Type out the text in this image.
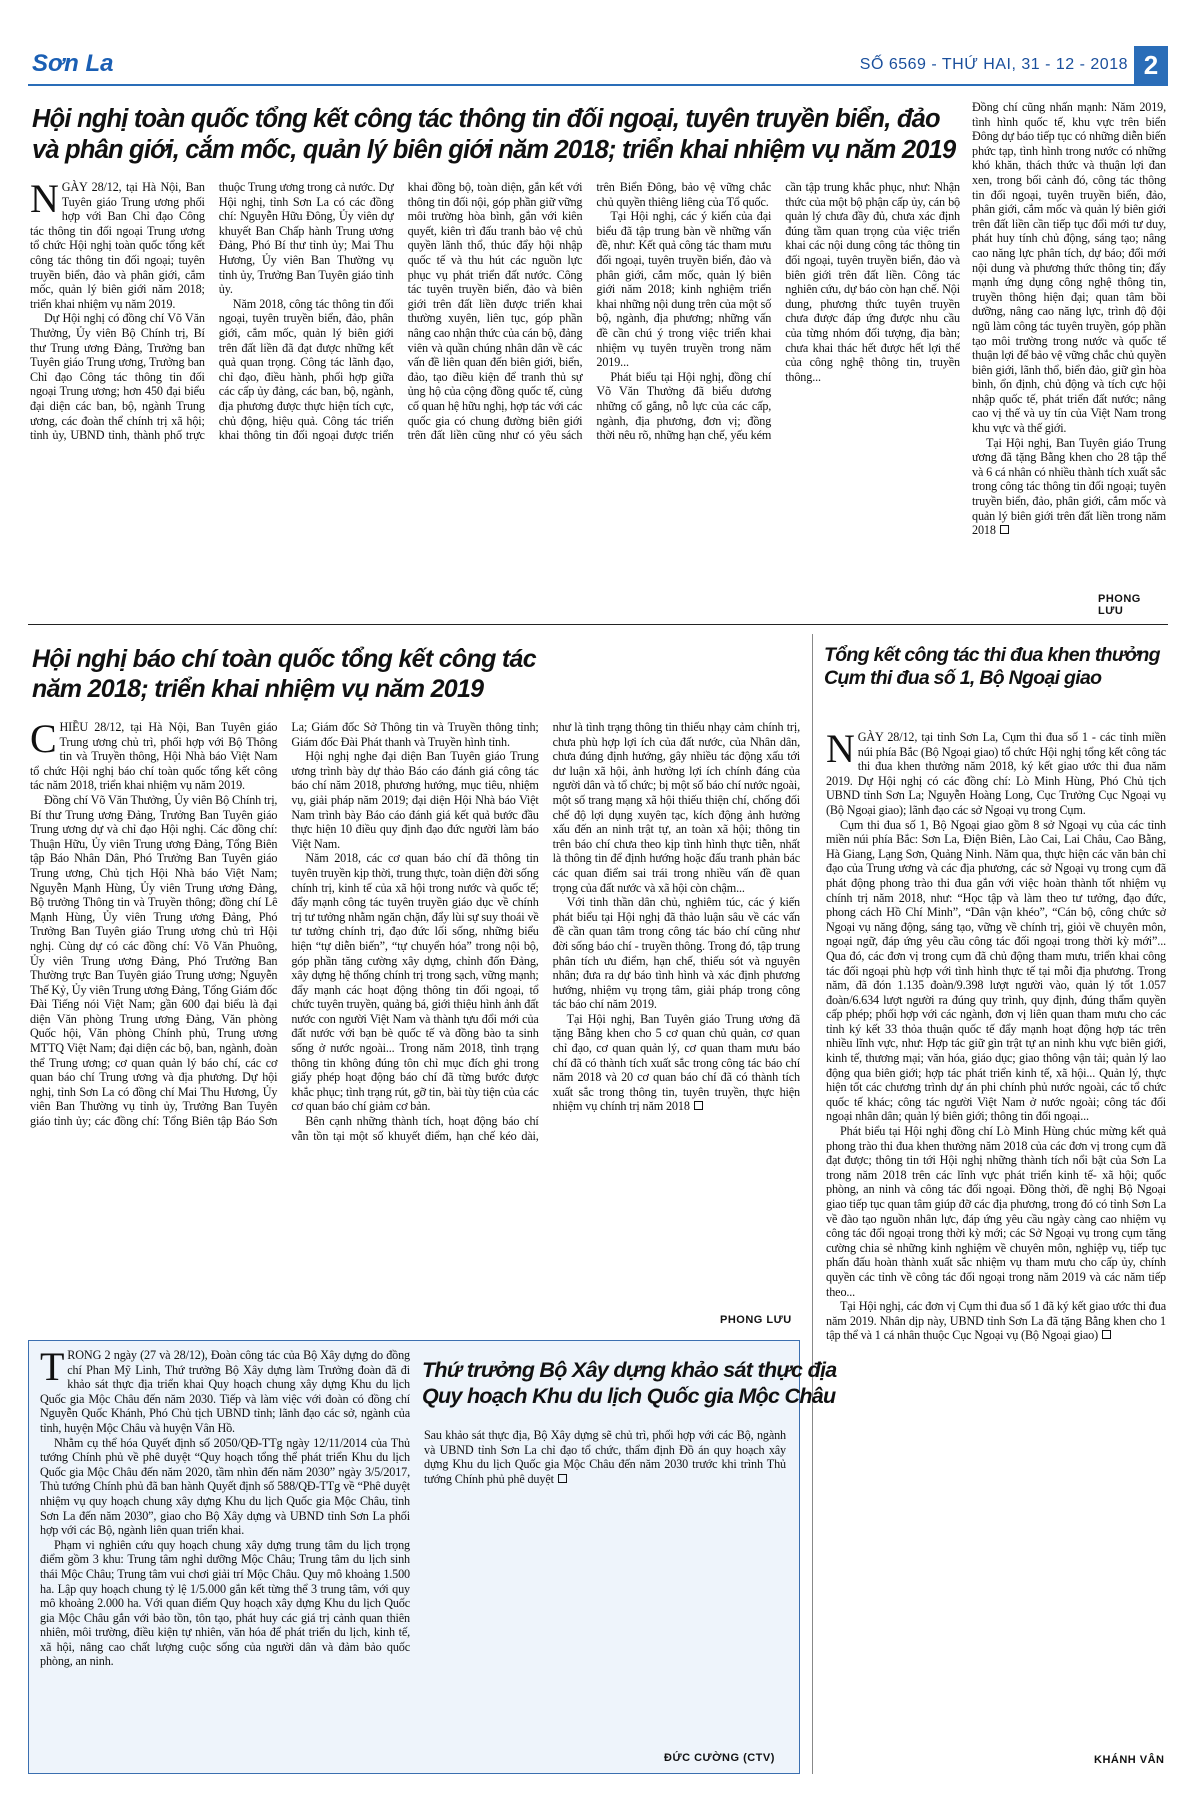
Sơn La	SỐ 6569 - THỨ HAI, 31 - 12 - 2018 2
Hội nghị toàn quốc tổng kết công tác thông tin đối ngoại, tuyên truyền biển, đảo và phân giới, cắm mốc, quản lý biên giới năm 2018; triển khai nhiệm vụ năm 2019

NGÀY 28/12, tại Hà Nội, Ban Tuyên giáo Trung ương phối hợp với Ban Chỉ đạo Công tác thông tin đối ngoại Trung ương tổ chức Hội nghị toàn quốc tổng kết công tác thông tin đối ngoại; tuyên truyền biển, đảo và phân giới, cắm mốc, quản lý biên giới năm 2018; triển khai nhiệm vụ năm 2019.

Dự Hội nghị có đồng chí Võ Văn Thưởng, Ủy viên Bộ Chính trị, Bí thư Trung ương Đảng, Trưởng ban Tuyên giáo Trung ương, Trưởng ban Chỉ đạo Công tác thông tin đối ngoại Trung ương; hơn 450 đại biểu đại diện các ban, bộ, ngành Trung ương, các đoàn thể chính trị xã hội; tỉnh ủy, UBND tỉnh, thành phố trực thuộc Trung ương trong cả nước. Dự Hội nghị, tỉnh Sơn La có các đồng chí: Nguyễn Hữu Đông, Ủy viên dự khuyết Ban Chấp hành Trung ương Đảng, Phó Bí thư tỉnh ủy; Mai Thu Hương, Ủy viên Ban Thường vụ tỉnh ủy, Trưởng Ban Tuyên giáo tỉnh ủy.

Năm 2018, công tác thông tin đối ngoại, tuyên truyền biển, đảo, phân giới, cắm mốc, quản lý biên giới trên đất liền đã đạt được những kết quả quan trọng. Công tác lãnh đạo, chỉ đạo, điều hành, phối hợp giữa các cấp ủy đảng, các ban, bộ, ngành, địa phương được thực hiện tích cực, chủ động, hiệu quả. Công tác triển khai thông tin đối ngoại được triển khai đồng bộ, toàn diện, gắn kết với thông tin đối nội, góp phần giữ vững môi trường hòa bình, gắn với kiên quyết, kiên trì đấu tranh bảo vệ chủ quyền lãnh thổ, thúc đẩy hội nhập quốc tế và thu hút các nguồn lực phục vụ phát triển đất nước. Công tác tuyên truyền biển, đảo và biên giới trên đất liền được triển khai thường xuyên, liên tục, góp phần nâng cao nhận thức của cán bộ, đảng viên và quần chúng nhân dân về các vấn đề liên quan đến biên giới, biển, đảo, tạo điều kiện để tranh thủ sự ủng hộ của cộng đồng quốc tế, củng cố quan hệ hữu nghị, hợp tác với các quốc gia có chung đường biên giới trên đất liền cũng như có yêu sách trên Biển Đông, bảo vệ vững chắc chủ quyền thiêng liêng của Tổ quốc.

Tại Hội nghị, các ý kiến của đại biểu đã tập trung bàn về những vấn đề, như: Kết quả công tác tham mưu đối ngoại, tuyên truyền biển, đảo và phân giới, cắm mốc, quản lý biên giới năm 2018; kinh nghiệm triển khai những nội dung trên của một số bộ, ngành, địa phương; những vấn đề cần chú ý trong việc triển khai nhiệm vụ tuyên truyền trong năm 2019...

Phát biểu tại Hội nghị, đồng chí Võ Văn Thưởng đã biểu dương những cố gắng, nỗ lực của các cấp, ngành, địa phương, đơn vị; đồng thời nêu rõ, những hạn chế, yếu kém cần tập trung khắc phục, như: Nhận thức của một bộ phận cấp ủy, cán bộ quản lý chưa đầy đủ, chưa xác định đúng tầm quan trọng của việc triển khai các nội dung công tác thông tin đối ngoại, tuyên truyền biển, đảo và biên giới trên đất liền. Công tác nghiên cứu, dự báo còn hạn chế. Nội dung, phương thức tuyên truyền chưa được đáp ứng được nhu cầu của từng nhóm đối tượng, địa bàn; chưa khai thác hết được hết lợi thế của công nghệ thông tin, truyền thông...

Đồng chí cũng nhấn mạnh: Năm 2019, tình hình quốc tế, khu vực trên biển Đông dự báo tiếp tục có những diễn biến phức tạp, tình hình trong nước có những khó khăn, thách thức và thuận lợi đan xen, trong bối cảnh đó, công tác thông tin đối ngoại, tuyên truyền biển, đảo, phân giới, cắm mốc và quản lý biên giới trên đất liền cần tiếp tục đổi mới tư duy, phát huy tính chủ động, sáng tạo; nâng cao năng lực phân tích, dự báo; đổi mới nội dung và phương thức thông tin; đẩy mạnh ứng dụng công nghệ thông tin, truyền thông hiện đại; quan tâm bồi dưỡng, nâng cao năng lực, trình độ đội ngũ làm công tác tuyên truyền, góp phần tạo môi trường trong nước và quốc tế thuận lợi để bảo vệ vững chắc chủ quyền biên giới, lãnh thổ, biển đảo, giữ gìn hòa bình, ổn định, chủ động và tích cực hội nhập quốc tế, phát triển đất nước; nâng cao vị thế và uy tín của Việt Nam trong khu vực và thế giới.

Tại Hội nghị, Ban Tuyên giáo Trung ương đã tặng Bằng khen cho 28 tập thể và 6 cá nhân có nhiều thành tích xuất sắc trong công tác thông tin đối ngoại; tuyên truyền biển, đảo, phân giới, cắm mốc và quản lý biên giới trên đất liền trong năm 2018

PHONG LƯU
Hội nghị báo chí toàn quốc tổng kết công tác năm 2018; triển khai nhiệm vụ năm 2019

CHIỀU 28/12, tại Hà Nội, Ban Tuyên giáo Trung ương chủ trì, phối hợp với Bộ Thông tin và Truyền thông, Hội Nhà báo Việt Nam tổ chức Hội nghị báo chí toàn quốc tổng kết công tác năm 2018, triển khai nhiệm vụ năm 2019.

Đồng chí Võ Văn Thưởng, Ủy viên Bộ Chính trị, Bí thư Trung ương Đảng, Trưởng Ban Tuyên giáo Trung ương dự và chỉ đạo Hội nghị. Các đồng chí: Thuận Hữu, Ủy viên Trung ương Đảng, Tổng Biên tập Báo Nhân Dân, Phó Trưởng Ban Tuyên giáo Trung ương, Chủ tịch Hội Nhà báo Việt Nam; Nguyễn Mạnh Hùng, Ủy viên Trung ương Đảng, Bộ trưởng Thông tin và Truyền thông; đồng chí Lê Mạnh Hùng, Ủy viên Trung ương Đảng, Phó Trưởng Ban Tuyên giáo Trung ương chủ trì Hội nghị. Cùng dự có các đồng chí: Võ Văn Phuông, Ủy viên Trung ương Đảng, Phó Trưởng Ban Thường trực Ban Tuyên giáo Trung ương; Nguyễn Thế Kỷ, Ủy viên Trung ương Đảng, Tổng Giám đốc Đài Tiếng nói Việt Nam; gần 600 đại biểu là đại diện Văn phòng Trung ương Đảng, Văn phòng Quốc hội, Văn phòng Chính phủ, Trung ương MTTQ Việt Nam; đại diện các bộ, ban, ngành, đoàn thể Trung ương; cơ quan quản lý báo chí, các cơ quan báo chí Trung ương và địa phương. Dự hội nghị, tỉnh Sơn La có đồng chí Mai Thu Hương, Ủy viên Ban Thường vụ tỉnh ủy, Trưởng Ban Tuyên giáo tỉnh ủy; các đồng chí: Tổng Biên tập Báo Sơn La; Giám đốc Sở Thông tin và Truyền thông tỉnh; Giám đốc Đài Phát thanh và Truyền hình tỉnh.

Hội nghị nghe đại diện Ban Tuyên giáo Trung ương trình bày dự thảo Báo cáo đánh giá công tác báo chí năm 2018, phương hướng, mục tiêu, nhiệm vụ, giải pháp năm 2019; đại diện Hội Nhà báo Việt Nam trình bày Báo cáo đánh giá kết quả bước đầu thực hiện 10 điều quy định đạo đức người làm báo Việt Nam.

Năm 2018, các cơ quan báo chí đã thông tin tuyên truyền kịp thời, trung thực, toàn diện đời sống chính trị, kinh tế của xã hội trong nước và quốc tế; đẩy mạnh công tác tuyên truyền giáo dục về chính trị tư tưởng nhằm ngăn chặn, đẩy lùi sự suy thoái về tư tưởng chính trị, đạo đức lối sống, những biểu hiện “tự diễn biến”, “tự chuyển hóa” trong nội bộ, góp phần tăng cường xây dựng, chỉnh đốn Đảng, xây dựng hệ thống chính trị trong sạch, vững mạnh; đẩy mạnh các hoạt động thông tin đối ngoại, tổ chức tuyên truyền, quảng bá, giới thiệu hình ảnh đất nước con người Việt Nam và thành tựu đổi mới của đất nước với bạn bè quốc tế và đồng bào ta sinh sống ở nước ngoài... Trong năm 2018, tình trạng thông tin không đúng tôn chỉ mục đích ghi trong giấy phép hoạt động báo chí đã từng bước được khắc phục; tình trạng rút, gỡ tin, bài tùy tiện của các cơ quan báo chí giảm cơ bản.

Bên cạnh những thành tích, hoạt động báo chí vẫn tồn tại một số khuyết điểm, hạn chế kéo dài, như là tình trạng thông tin thiếu nhạy cảm chính trị, chưa phù hợp lợi ích của đất nước, của Nhân dân, chưa đúng định hướng, gây nhiều tác động xấu tới dư luận xã hội, ảnh hưởng lợi ích chính đáng của người dân và tổ chức; bị một số báo chí nước ngoài, một số trang mạng xã hội thiếu thiện chí, chống đối chế độ lợi dụng xuyên tạc, kích động ảnh hưởng xấu đến an ninh trật tự, an toàn xã hội; thông tin trên báo chí chưa theo kịp tình hình thực tiễn, nhất là thông tin để định hướng hoặc đấu tranh phản bác các quan điểm sai trái trong nhiều vấn đề quan trọng của đất nước và xã hội còn chậm...

Với tinh thần dân chủ, nghiêm túc, các ý kiến phát biểu tại Hội nghị đã thảo luận sâu về các vấn đề cần quan tâm trong công tác báo chí cũng như đời sống báo chí - truyền thông. Trong đó, tập trung phân tích ưu điểm, hạn chế, thiếu sót và nguyên nhân; đưa ra dự báo tình hình và xác định phương hướng, nhiệm vụ trọng tâm, giải pháp trong công tác báo chí năm 2019.

Tại Hội nghị, Ban Tuyên giáo Trung ương đã tặng Bằng khen cho 5 cơ quan chủ quản, cơ quan chỉ đạo, cơ quan quản lý, cơ quan tham mưu báo chí đã có thành tích xuất sắc trong công tác báo chí năm 2018 và 20 cơ quan báo chí đã có thành tích xuất sắc trong thông tin, tuyên truyền, thực hiện nhiệm vụ chính trị năm 2018

PHONG LƯU
Tổng kết công tác thi đua khen thưởng Cụm thi đua số 1, Bộ Ngoại giao

NGÀY 28/12, tại tỉnh Sơn La, Cụm thi đua số 1 - các tỉnh miền núi phía Bắc (Bộ Ngoại giao) tổ chức Hội nghị tổng kết công tác thi đua khen thưởng năm 2018, ký kết giao ước thi đua năm 2019. Dự Hội nghị có các đồng chí: Lò Minh Hùng, Phó Chủ tịch UBND tỉnh Sơn La; Nguyễn Hoàng Long, Cục Trưởng Cục Ngoại vụ (Bộ Ngoại giao); lãnh đạo các sở Ngoại vụ trong Cụm.

Cụm thi đua số 1, Bộ Ngoại giao gồm 8 sở Ngoại vụ của các tỉnh miền núi phía Bắc: Sơn La, Điện Biên, Lào Cai, Lai Châu, Cao Bằng, Hà Giang, Lạng Sơn, Quảng Ninh. Năm qua, thực hiện các văn bản chỉ đạo của Trung ương và các địa phương, các sở Ngoại vụ trong cụm đã phát động phong trào thi đua gắn với việc hoàn thành tốt nhiệm vụ chính trị năm 2018, như: “Học tập và làm theo tư tưởng, đạo đức, phong cách Hồ Chí Minh”, “Dân vận khéo”, “Cán bộ, công chức sở Ngoại vụ năng động, sáng tạo, vững về chính trị, giỏi về chuyên môn, ngoại ngữ, đáp ứng yêu cầu công tác đối ngoại trong thời kỳ mới”... Qua đó, các đơn vị trong cụm đã chủ động tham mưu, triển khai công tác đối ngoại phù hợp với tình hình thực tế tại mỗi địa phương. Trong năm, đã đón 1.135 đoàn/9.398 lượt người vào, quản lý tốt 1.057 đoàn/6.634 lượt người ra đúng quy trình, quy định, đúng thẩm quyền cấp phép; phối hợp với các ngành, đơn vị liên quan tham mưu cho các tỉnh ký kết 33 thỏa thuận quốc tế đẩy mạnh hoạt động hợp tác trên nhiều lĩnh vực, như: Hợp tác giữ gìn trật tự an ninh khu vực biên giới, kinh tế, thương mại; văn hóa, giáo dục; giao thông vận tải; quản lý lao động qua biên giới; hợp tác phát triển kinh tế, xã hội... Quản lý, thực hiện tốt các chương trình dự án phi chính phủ nước ngoài, các tổ chức quốc tế khác; công tác người Việt Nam ở nước ngoài; công tác đối ngoại nhân dân; quản lý biên giới; thông tin đối ngoại...

Phát biểu tại Hội nghị đồng chí Lò Minh Hùng chúc mừng kết quả phong trào thi đua khen thưởng năm 2018 của các đơn vị trong cụm đã đạt được; thông tin tới Hội nghị những thành tích nổi bật của Sơn La trong năm 2018 trên các lĩnh vực phát triển kinh tế- xã hội; quốc phòng, an ninh và công tác đối ngoại. Đồng thời, đề nghị Bộ Ngoại giao tiếp tục quan tâm giúp đỡ các địa phương, trong đó có tỉnh Sơn La về đào tạo nguồn nhân lực, đáp ứng yêu cầu ngày càng cao nhiệm vụ công tác đối ngoại trong thời kỳ mới; các Sở Ngoại vụ trong cụm tăng cường chia sẻ những kinh nghiệm về chuyên môn, nghiệp vụ, tiếp tục phấn đấu hoàn thành xuất sắc nhiệm vụ tham mưu cho cấp ủy, chính quyền các tỉnh về công tác đối ngoại trong năm 2019 và các năm tiếp theo...

Tại Hội nghị, các đơn vị Cụm thi đua số 1 đã ký kết giao ước thi đua năm 2019. Nhân dịp này, UBND tỉnh Sơn La đã tặng Bằng khen cho 1 tập thể và 1 cá nhân thuộc Cục Ngoại vụ (Bộ Ngoại giao)

KHÁNH VÂN

TRONG 2 ngày (27 và 28/12), Đoàn công tác của Bộ Xây dựng do đồng chí Phan Mỹ Linh, Thứ trưởng Bộ Xây dựng làm Trưởng đoàn đã đi khảo sát thực địa triển khai Quy hoạch chung xây dựng Khu du lịch Quốc gia Mộc Châu đến năm 2030. Tiếp và làm việc với đoàn có đồng chí Nguyễn Quốc Khánh, Phó Chủ tịch UBND tỉnh; lãnh đạo các sở, ngành của tỉnh, huyện Mộc Châu và huyện Vân Hồ.

Nhằm cụ thể hóa Quyết định số 2050/QĐ-TTg ngày 12/11/2014 của Thủ tướng Chính phủ về phê duyệt “Quy hoạch tổng thể phát triển Khu du lịch Quốc gia Mộc Châu đến năm 2020, tầm nhìn đến năm 2030” ngày 3/5/2017, Thủ tướng Chính phủ đã ban hành Quyết định số 588/QĐ-TTg về “Phê duyệt nhiệm vụ quy hoạch chung xây dựng Khu du lịch Quốc gia Mộc Châu, tỉnh Sơn La đến năm 2030”, giao cho Bộ Xây dựng và UBND tỉnh Sơn La phối hợp với các Bộ, ngành liên quan triển khai.

Phạm vi nghiên cứu quy hoạch chung xây dựng trung tâm du lịch trọng điểm gồm 3 khu: Trung tâm nghỉ dưỡng Mộc Châu; Trung tâm du lịch sinh thái Mộc Châu; Trung tâm vui chơi giải trí Mộc Châu. Quy mô khoảng 1.500 ha. Lập quy hoạch chung tỷ lệ 1/5.000 gắn kết từng thể 3 trung tâm, với quy mô khoảng 2.000 ha. Với quan điểm Quy hoạch xây dựng Khu du lịch Quốc gia Mộc Châu gắn với bảo tồn, tôn tạo, phát huy các giá trị cảnh quan thiên nhiên, môi trường, điều kiện tự nhiên, văn hóa để phát triển du lịch, kinh tế, xã hội, nâng cao chất lượng cuộc sống của người dân và đảm bảo quốc phòng, an ninh.

Thứ trưởng Bộ Xây dựng khảo sát thực địa Quy hoạch Khu du lịch Quốc gia Mộc Châu

Sau khảo sát thực địa, Bộ Xây dựng sẽ chủ trì, phối hợp với các Bộ, ngành và UBND tỉnh Sơn La chỉ đạo tổ chức, thẩm định Đồ án quy hoạch xây dựng Khu du lịch Quốc gia Mộc Châu đến năm 2030 trước khi trình Thủ tướng Chính phủ phê duyệt

ĐỨC CƯỜNG (CTV)
